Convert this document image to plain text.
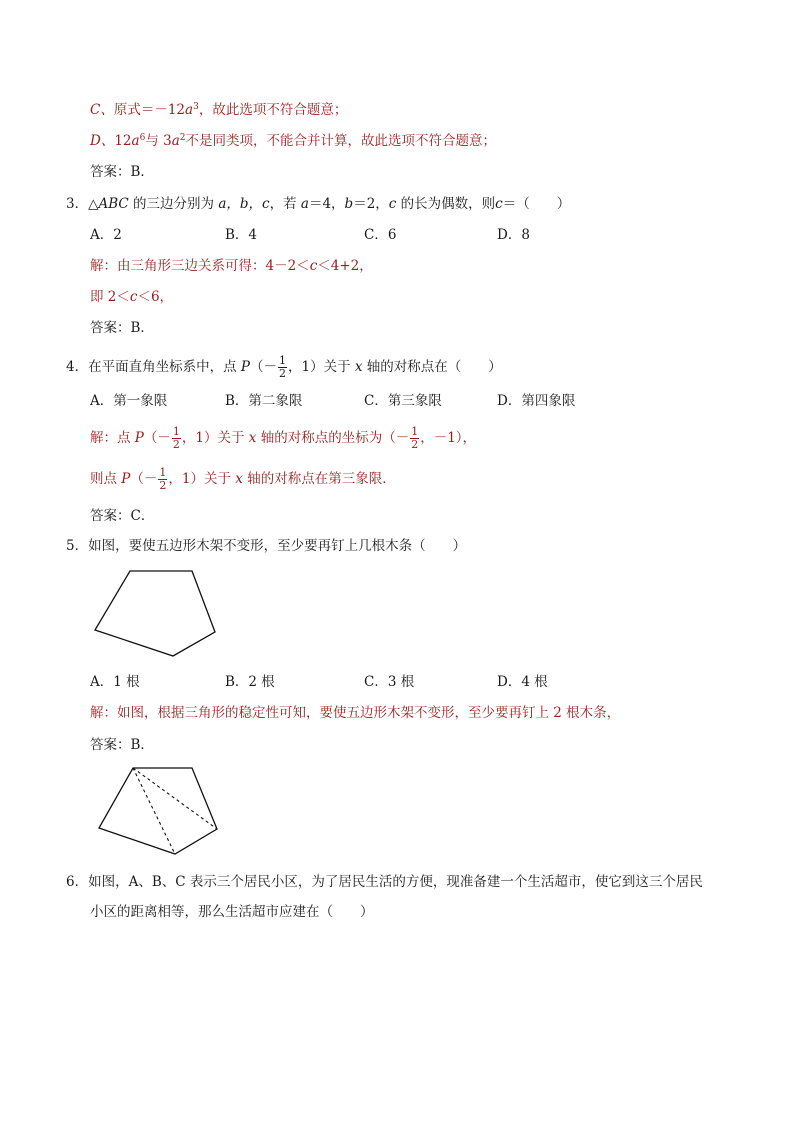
C、原式$=-12a^3$，故此选项不符合题意；
D、$12a^6$与 $3a^2$不是同类项，不能合并计算，故此选项不符合题意；
答案：B．
3．△ABC 的三边分别为 a，b，c，若 a＝4，b＝2，c 的长为偶数，则c＝（　　）
A．2	B．4	C．6	D．8
解：由三角形三边关系可得：4－2＜c＜4+2，
即 2＜c＜6，
答案：B．
4．在平面直角坐标系中，点 $P(- \frac{1}{2}$ ，1）关于 x 轴的对称点在（　　）
A．第一象限	B．第二象限	C．第三象限	D．第四象限
解：点 $P(- \frac{1}{2}$ ，1）关于 x 轴的对称点的坐标为（－ $\frac{1}{2}$ ，－1），
则点 $P(- \frac{1}{2}$ ，1）关于 x 轴的对称点在第三象限．
答案：C．
5．如图，要使五边形木架不变形，至少要再钉上几根木条（　　）
A．1 根	B．2 根	C．3 根	D．4 根
解：如图，根据三角形的稳定性可知，要使五边形木架不变形，至少要再钉上 2 根木条，
答案：B．
6．如图，A、B、C 表示三个居民小区，为了居民生活的方便，现准备建一个生活超市，使它到这三个居民
小区的距离相等，那么生活超市应建在（　　）
